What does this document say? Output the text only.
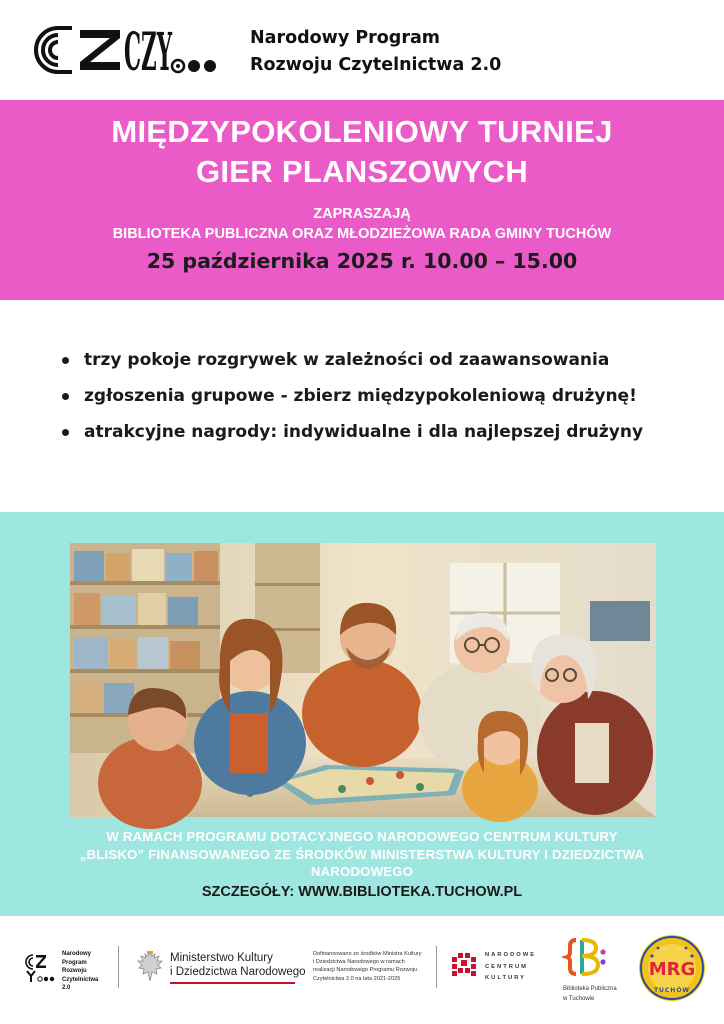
CZY	Narodowy Program
Rozwoju Czytelnictwa 2.0
MIĘDZYPOKOLENIOWY TURNIEJ
GIER PLANSZOWYCH
ZAPRASZAJĄ
BIBLIOTEKA PUBLICZNA ORAZ MŁODZIEŻOWA RADA GMINY TUCHÓW
25 października 2025 r. 10.00 – 15.00
trzy pokoje rozgrywek w zależności od zaawansowania
zgłoszenia grupowe - zbierz międzypokoleniową drużynę!
atrakcyjne nagrody: indywidualne i dla najlepszej drużyny
W RAMACH PROGRAMU DOTACYJNEGO NARODOWEGO CENTRUM KULTURY
„BLISKO” FINANSOWANEGO ZE ŚRODKÓW MINISTERSTWA KULTURY I DZIEDZICTWA
NARODOWEGO
SZCZEGÓŁY: WWW.BIBLIOTEKA.TUCHOW.PL
Narodowy
Program
Rozwoju
Czytelnictwa
2.0
Ministerstwo Kultury
i Dziedzictwa Narodowego
Dofinansowano ze środków Ministra Kultury
i Dziedzictwa Narodowego w ramach
realizacji Narodowego Programu Rozwoju
Czytelnictwa 2.0 na lata 2021-2025
NARODOWE
CENTRUM
KULTURY
Biblioteka Publiczna
w Tuchowie
MRG
TUCHÓW
